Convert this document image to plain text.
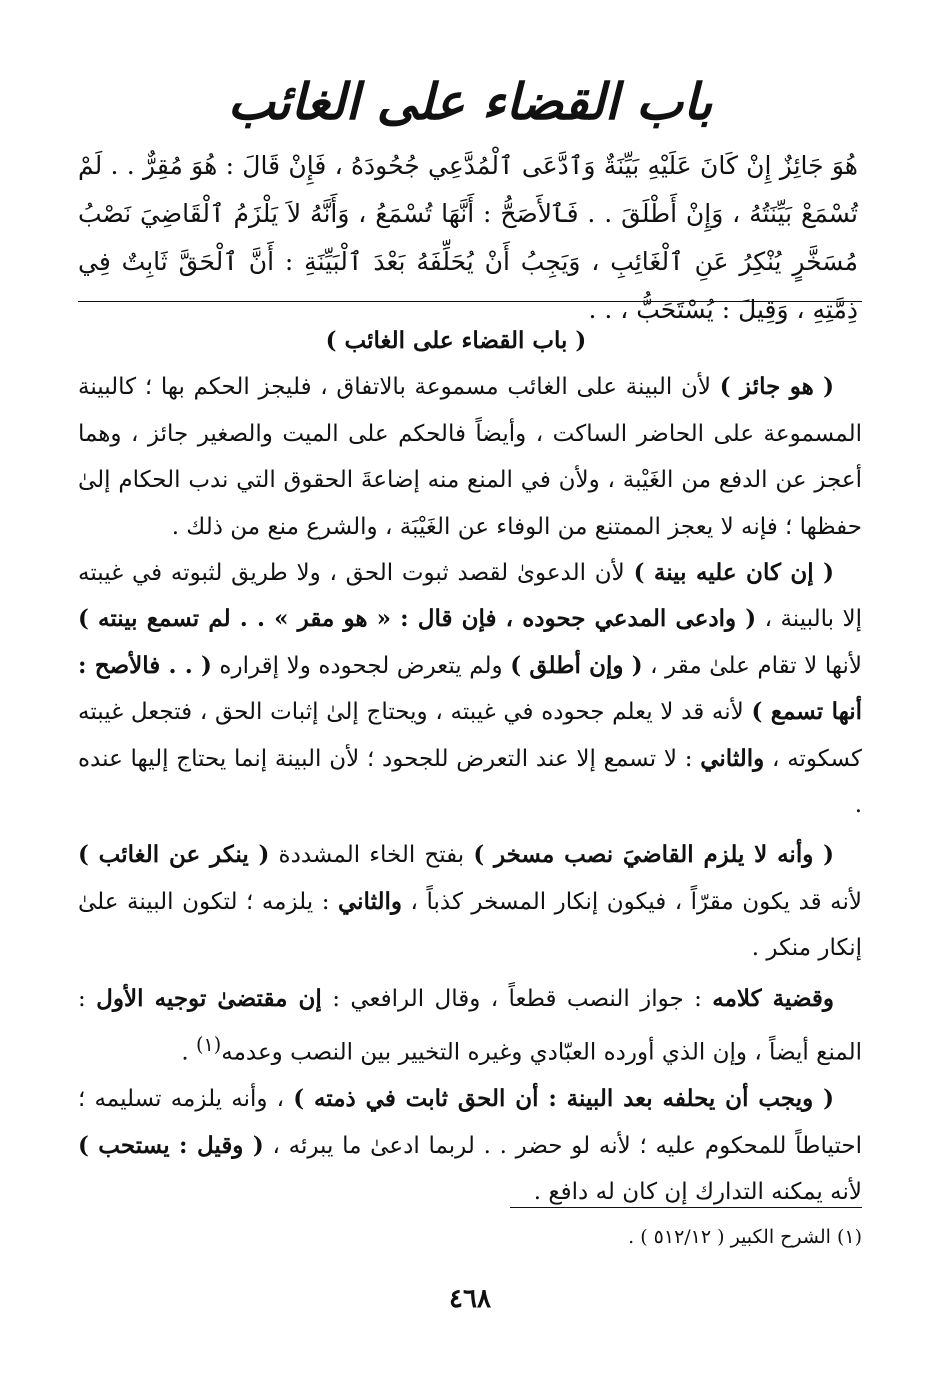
باب القضاء على الغائب

هُوَ جَائِزٌ إِنْ كَانَ عَلَيْهِ بَيِّنَةٌ وَٱدَّعَى ٱلْمُدَّعِي جُحُودَهُ ، فَإِنْ قَالَ : هُوَ مُقِرٌّ . . لَمْ تُسْمَعْ بَيِّنَتُهُ ، وَإِنْ أَطْلَقَ . . فَٱلأَصَحُّ : أَنَّهَا تُسْمَعُ ، وَأَنَّهُ لاَ يَلْزَمُ ٱلْقَاضِيَ نَصْبُ مُسَخَّرٍ يُنْكِرُ عَنِ ٱلْغَائِبِ ، وَيَجِبُ أَنْ يُحَلِّفَهُ بَعْدَ ٱلْبَيِّنَةِ : أَنَّ ٱلْحَقَّ ثَابِتٌ فِي ذِمَّتِهِ ، وَقِيلَ : يُسْتَحَبُّ ، . .

( باب القضاء على الغائب )

( هو جائز ) لأن البينة على الغائب مسموعة بالاتفاق ، فليجز الحكم بها ؛ كالبينة المسموعة على الحاضر الساكت ، وأيضاً فالحكم على الميت والصغير جائز ، وهما أعجز عن الدفع من الغَيْبة ، ولأن في المنع منه إضاعةَ الحقوق التي ندب الحكام إلىٰ حفظها ؛ فإنه لا يعجز الممتنع من الوفاء عن الغَيْبَة ، والشرع منع من ذلك .

( إن كان عليه بينة ) لأن الدعوىٰ لقصد ثبوت الحق ، ولا طريق لثبوته في غيبته إلا بالبينة ، ( وادعى المدعي جحوده ، فإن قال : « هو مقر » . . لم تسمع بينته ) لأنها لا تقام علىٰ مقر ، ( وإن أطلق ) ولم يتعرض لجحوده ولا إقراره ( . . فالأصح : أنها تسمع ) لأنه قد لا يعلم جحوده في غيبته ، ويحتاج إلىٰ إثبات الحق ، فتجعل غيبته كسكوته ، والثاني : لا تسمع إلا عند التعرض للجحود ؛ لأن البينة إنما يحتاج إليها عنده .

( وأنه لا يلزم القاضيَ نصب مسخر ) بفتح الخاء المشددة ( ينكر عن الغائب ) لأنه قد يكون مقرّاً ، فيكون إنكار المسخر كذباً ، والثاني : يلزمه ؛ لتكون البينة علىٰ إنكار منكر .

وقضية كلامه : جواز النصب قطعاً ، وقال الرافعي : إن مقتضىٰ توجيه الأول : المنع أيضاً ، وإن الذي أورده العبّادي وغيره التخيير بين النصب وعدمه$^{(١)}$ .

( ويجب أن يحلفه بعد البينة : أن الحق ثابت في ذمته ) ، وأنه يلزمه تسليمه ؛ احتياطاً للمحكوم عليه ؛ لأنه لو حضر . . لربما ادعىٰ ما يبرئه ، ( وقيل : يستحب ) لأنه يمكنه التدارك إن كان له دافع .

(١) الشرح الكبير ( ٥١٢/١٢ ) .
٤٦٨
